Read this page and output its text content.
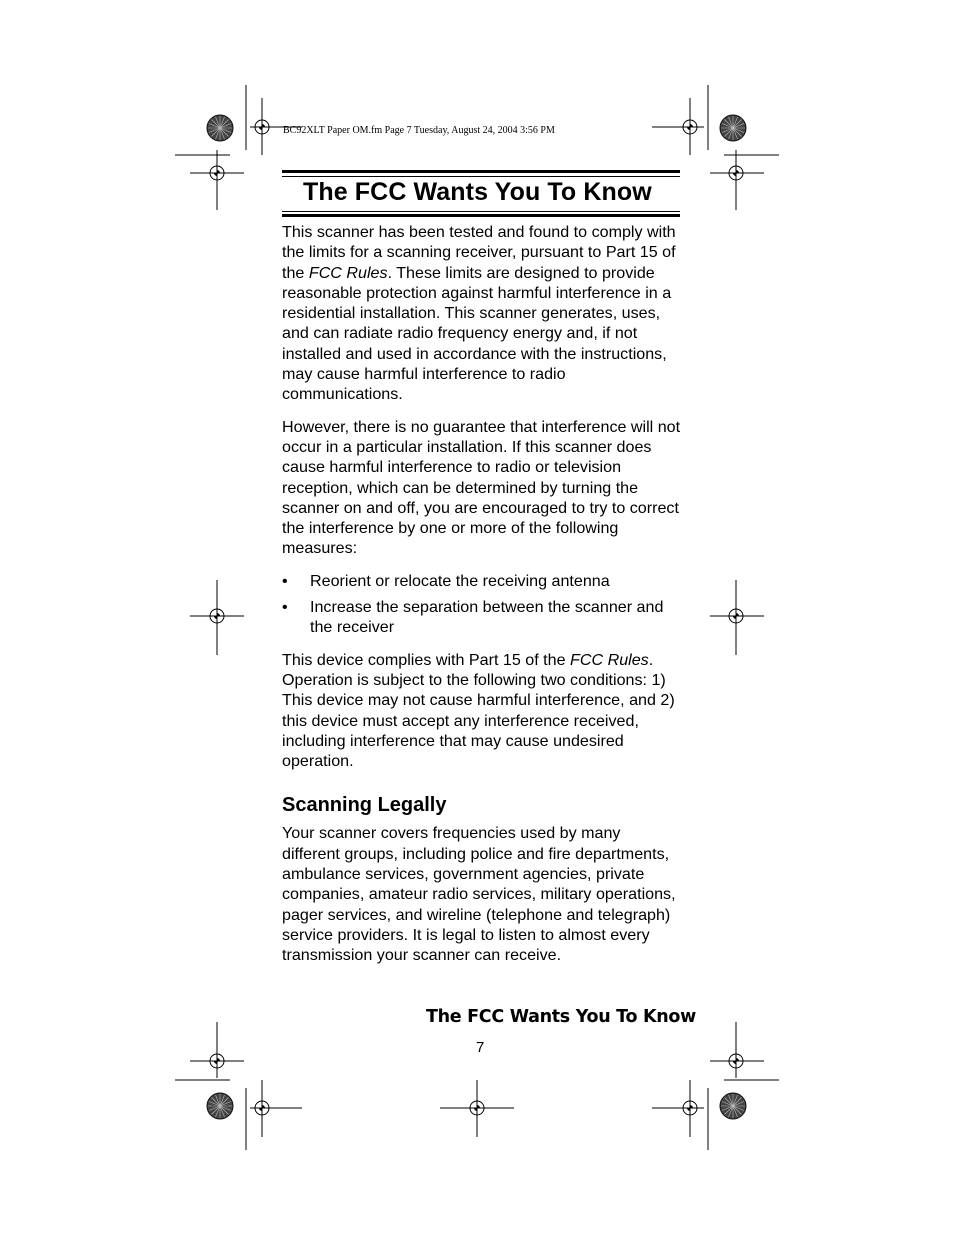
BC92XLT Paper OM.fm Page 7 Tuesday, August 24, 2004 3:56 PM
The FCC Wants You To Know

This scanner has been tested and found to comply with the limits for a scanning receiver, pursuant to Part 15 of the FCC Rules. These limits are designed to provide reasonable protection against harmful interference in a residential installation. This scanner generates, uses, and can radiate radio frequency energy and, if not installed and used in accordance with the instructions, may cause harmful interference to radio communications.

However, there is no guarantee that interference will not occur in a particular installation. If this scanner does cause harmful interference to radio or television reception, which can be determined by turning the scanner on and off, you are encouraged to try to correct the interference by one or more of the following measures:

• Reorient or relocate the receiving antenna
• Increase the separation between the scanner and the receiver

This device complies with Part 15 of the FCC Rules. Operation is subject to the following two conditions: 1) This device may not cause harmful interference, and 2) this device must accept any interference received, including interference that may cause undesired operation.

Scanning Legally

Your scanner covers frequencies used by many different groups, including police and fire departments, ambulance services, government agencies, private companies, amateur radio services, military operations, pager services, and wireline (telephone and telegraph) service providers. It is legal to listen to almost every transmission your scanner can receive.

The FCC Wants You To Know
7
